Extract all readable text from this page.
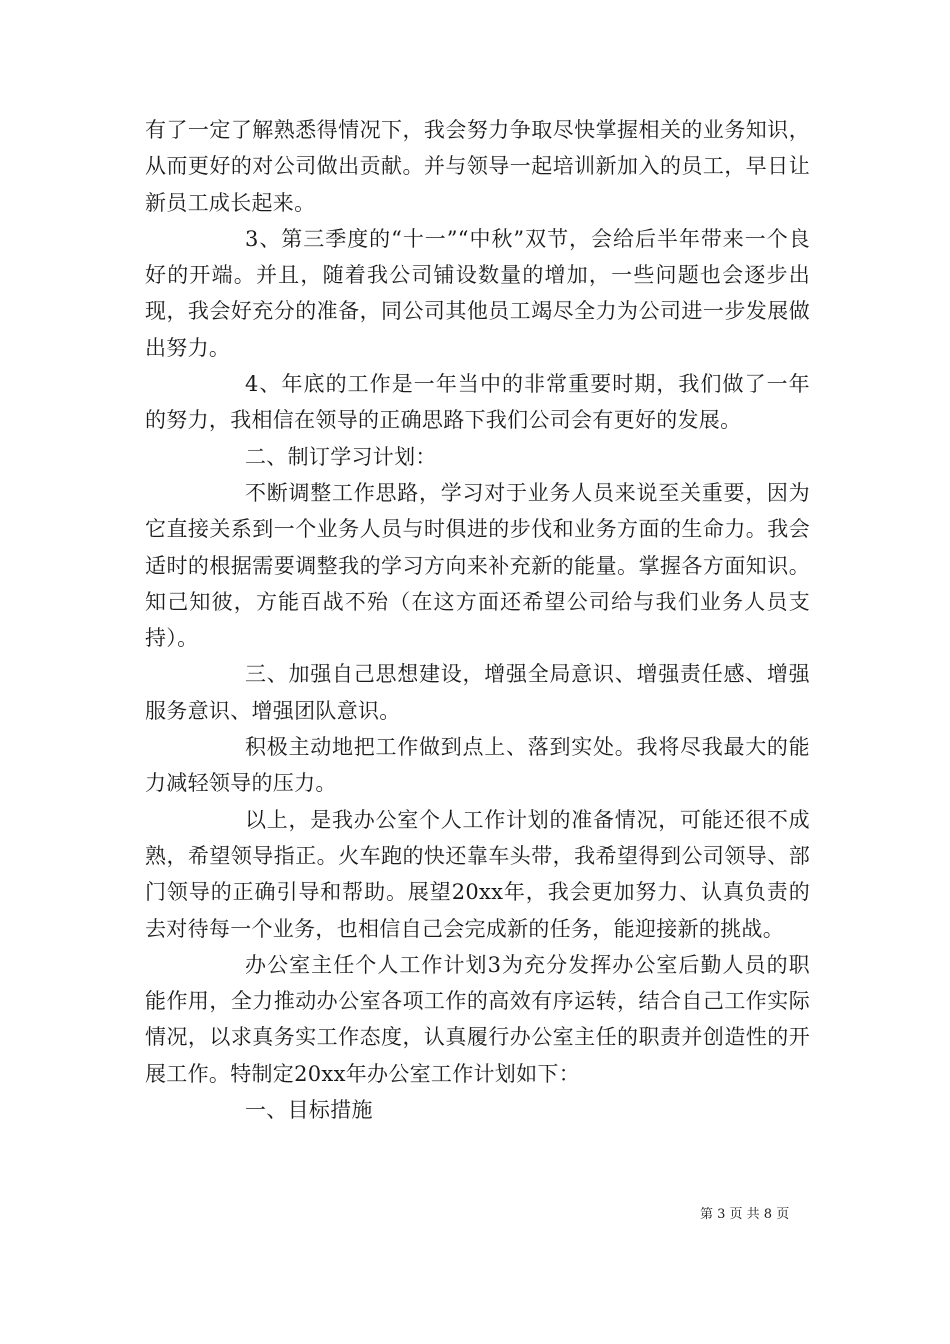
有了一定了解熟悉得情况下，我会努力争取尽快掌握相关的业务知识，从而更好的对公司做出贡献。并与领导一起培训新加入的员工，早日让新员工成长起来。

3、第三季度的“十一”“中秋”双节，会给后半年带来一个良好的开端。并且，随着我公司铺设数量的增加，一些问题也会逐步出现，我会好充分的准备，同公司其他员工竭尽全力为公司进一步发展做出努力。

4、年底的工作是一年当中的非常重要时期，我们做了一年的努力，我相信在领导的正确思路下我们公司会有更好的发展。

二、制订学习计划：

不断调整工作思路，学习对于业务人员来说至关重要，因为它直接关系到一个业务人员与时俱进的步伐和业务方面的生命力。我会适时的根据需要调整我的学习方向来补充新的能量。掌握各方面知识。知己知彼，方能百战不殆（在这方面还希望公司给与我们业务人员支持）。

三、加强自己思想建设，增强全局意识、增强责任感、增强服务意识、增强团队意识。

积极主动地把工作做到点上、落到实处。我将尽我最大的能力减轻领导的压力。

以上，是我办公室个人工作计划的准备情况，可能还很不成熟，希望领导指正。火车跑的快还靠车头带，我希望得到公司领导、部门领导的正确引导和帮助。展望20xx年，我会更加努力、认真负责的去对待每一个业务，也相信自己会完成新的任务，能迎接新的挑战。

办公室主任个人工作计划3为充分发挥办公室后勤人员的职能作用，全力推动办公室各项工作的高效有序运转，结合自己工作实际情况，以求真务实工作态度，认真履行办公室主任的职责并创造性的开展工作。特制定20xx年办公室工作计划如下：

一、目标措施

第 3 页 共 8 页
